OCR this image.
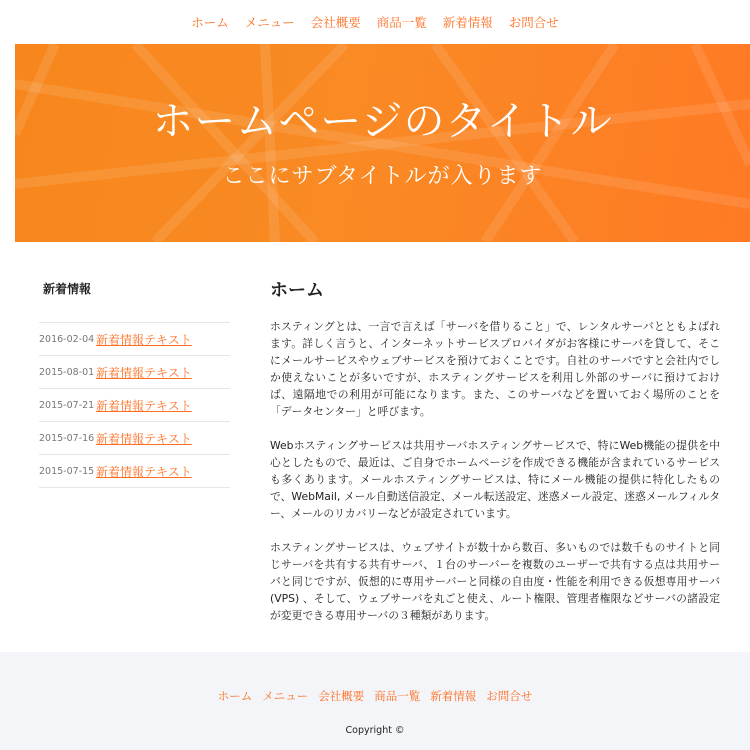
ホーム	メニュー	会社概要	商品一覧	新着情報	お問合せ
ホームページのタイトル
ここにサブタイトルが入ります
新着情報
2016-02-04 新着情報テキスト
2015-08-01 新着情報テキスト
2015-07-21 新着情報テキスト
2015-07-16 新着情報テキスト
2015-07-15 新着情報テキスト
ホーム

ホスティングとは、一言で言えば「サーバを借りること」で、レンタルサーバとともよばれます。詳しく言うと、インターネットサービスプロバイダがお客様にサーバを貸して、そこにメールサービスやウェブサービスを預けておくことです。自社のサーバですと会社内でしか使えないことが多いですが、ホスティングサービスを利用し外部のサーバに預けておけば、遠隔地での利用が可能になります。また、このサーバなどを置いておく場所のことを「データセンター」と呼びます。

Webホスティングサービスは共用サーバホスティングサービスで、特にWeb機能の提供を中心としたもので、最近は、ご自身でホームページを作成できる機能が含まれているサービスも多くあります。メールホスティングサービスは、特にメール機能の提供に特化したもので、WebMail, メール自動送信設定、メール転送設定、迷惑メール設定、迷惑メールフィルター、メールのリカバリーなどが設定されています。

ホスティングサービスは、ウェブサイトが数十から数百、多いものでは数千ものサイトと同じサーバを共有する共有サーバ、１台のサーバーを複数のユーザーで共有する点は共用サーバと同じですが、仮想的に専用サーバーと同様の自由度・性能を利用できる仮想専用サーバ(VPS) 、そして、ウェブサーバを丸ごと使え、ルート権限、管理者権限などサーバの諸設定が変更できる専用サーバの３種類があります。

ホーム メニュー 会社概要 商品一覧 新着情報 お問合せ
Copyright ©
